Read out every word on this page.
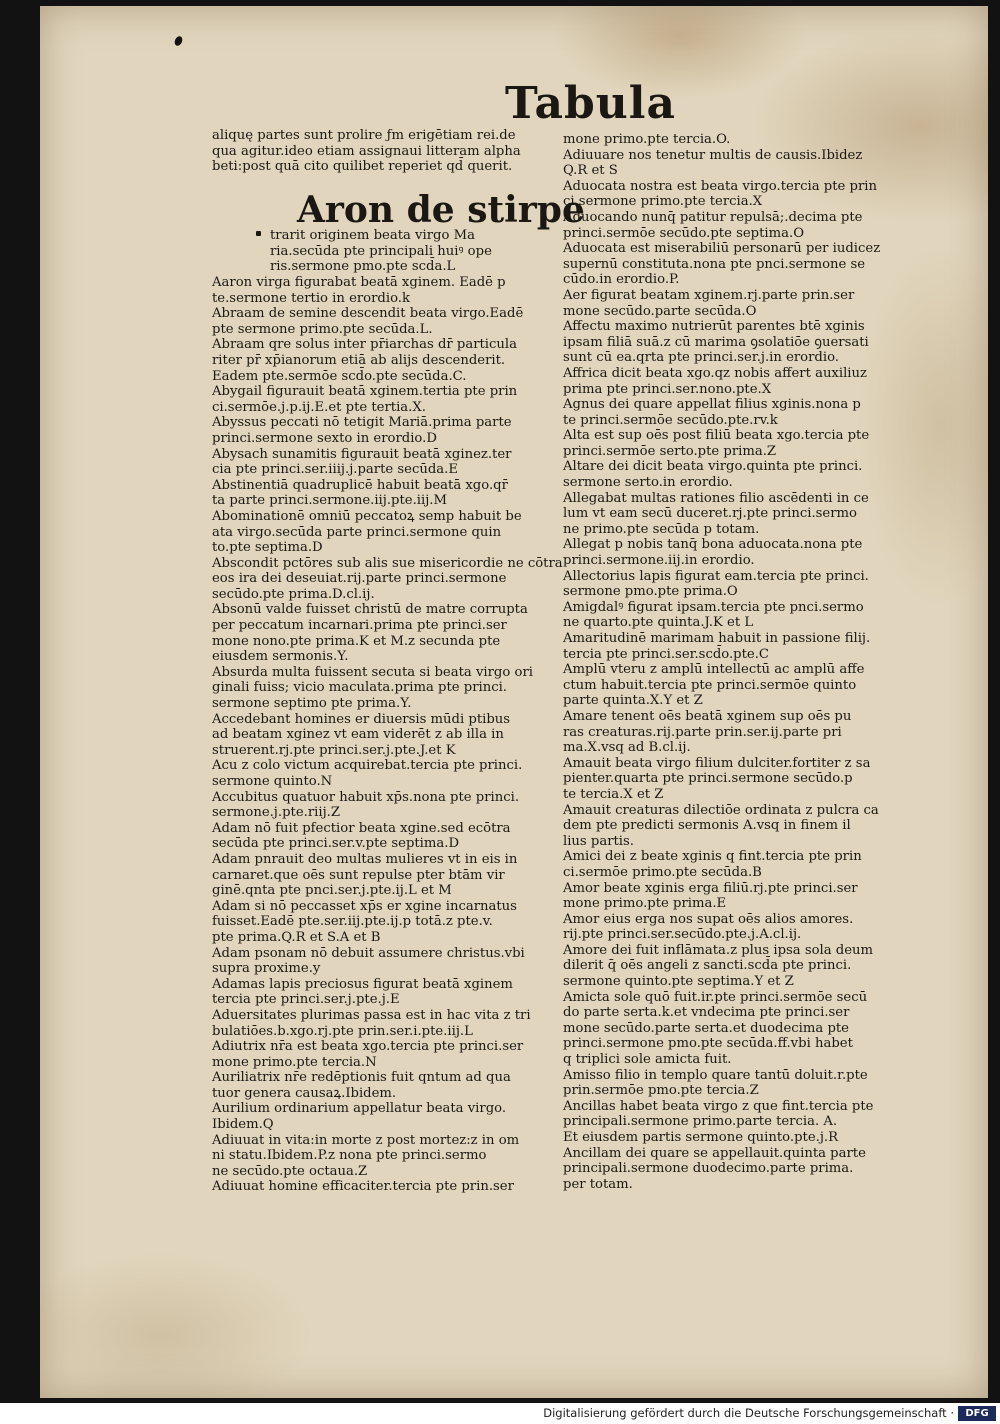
Tabula

aliquę partes sunt prolire ƒm erigētiam rei.de

qua agitur.ideo etiam assignaui litteram alpha

beti:post quā cito quilibet reperiet qd̄ querit.

Aron de stirpe

trarit originem beata virgo Ma

ria.secūda pte principali huiꝰ ope

ris.sermone pmo.pte scd̄a.L

Aaron virga figurabat beatā xginem. Eadē p

te.sermone tertio in erordio.k

Abraam de semine descendit beata virgo.Eadē

pte sermone primo.pte secūda.L.

Abraam qre solus inter pr̄iarchas dr̄ particula

riter pr̄ xp̄ianorum etiā ab alijs descenderit.

Eadem pte.sermōe scd̄o.pte secūda.C.

Abygail figurauit beatā xginem.tertia pte prin

ci.sermōe.j.p.ij.E.et pte tertia.X.

Abyssus peccati nō tetigit Mariā.prima parte

princi.sermone sexto in erordio.D

Abysach sunamitis figurauit beatā xginez.ter

cia pte princi.ser.iiij.j.parte secūda.E

Abstinentiā quadruplicē habuit beatā xgo.qr̄

ta parte princi.sermone.iij.pte.iij.M

Abominationē omniū peccatoꝝ semp habuit be

ata virgo.secūda parte princi.sermone quin

to.pte septima.D

Abscondit pctōres sub alis sue misericordie ne cōtra

eos ira dei deseuiat.rij.parte princi.sermone

secūdo.pte prima.D.cl.ij.

Absonū valde fuisset christū de matre corrupta

per peccatum incarnari.prima pte princi.ser

mone nono.pte prima.K et M.z secunda pte

eiusdem sermonis.Y.

Absurda multa fuissent secuta si beata virgo ori

ginali fuiss; vicio maculata.prima pte princi.

sermone septimo pte prima.Y.

Accedebant homines er diuersis mūdi ptibus

ad beatam xginez vt eam viderēt z ab illa in

struerent.rj.pte princi.ser.j.pte.J.et K

Acu z colo victum acquirebat.tercia pte princi.

sermone quinto.N

Accubitus quatuor habuit xp̄s.nona pte princi.

sermone.j.pte.riij.Z

Adam nō fuit pfectior beata xgine.sed ecōtra

secūda pte princi.ser.v.pte septima.D

Adam pnrauit deo multas mulieres vt in eis in

carnaret.que oēs sunt repulse pter btām vir

ginē.qnta pte pnci.ser.j.pte.ij.L et M

Adam si nō peccasset xp̄s er xgine incarnatus

fuisset.Eadē pte.ser.iij.pte.ij.p totā.z pte.v.

pte prima.Q.R et S.A et B

Adam psonam nō debuit assumere christus.vbi

supra proxime.y

Adamas lapis preciosus figurat beatā xginem

tercia pte princi.ser.j.pte.j.E

Aduersitates plurimas passa est in hac vita z tri

bulatiōes.b.xgo.rj.pte prin.ser.i.pte.iij.L

Adiutrix nr̄a est beata xgo.tercia pte princi.ser

mone primo.pte tercia.N

Auriliatrix nr̄e redēptionis fuit qntum ad qua

tuor genera causaꝝ.Ibidem.

Aurilium ordinarium appellatur beata virgo.

Ibidem.Q

Adiuuat in vita:in morte z post mortez:z in om

ni statu.Ibidem.P.z nona pte princi.sermo

ne secūdo.pte octaua.Z

Adiuuat homine efficaciter.tercia pte prin.ser

mone primo.pte tercia.O.

Adiuuare nos tenetur multis de causis.Ibidez

Q.R et S

Aduocata nostra est beata virgo.tercia pte prin

ci.sermone primo.pte tercia.X

Aduocando nunq̄ patitur repulsā;.decima pte

princi.sermōe secūdo.pte septima.O

Aduocata est miserabiliū personarū per iudicez

supernū constituta.nona pte pnci.sermone se

cūdo.in erordio.P.

Aer figurat beatam xginem.rj.parte prin.ser

mone secūdo.parte secūda.O

Affectu maximo nutrierūt parentes btē xginis

ipsam filiā suā.z cū marima ꝯsolatiōe ꝯuersati

sunt cū ea.qrta pte princi.ser.j.in erordio.

Affrica dicit beata xgo.qz nobis affert auxiliuz

prima pte princi.ser.nono.pte.X

Agnus dei quare appellat filius xginis.nona p

te princi.sermōe secūdo.pte.rv.k

Alta est sup oēs post filiū beata xgo.tercia pte

princi.sermōe serto.pte prima.Z

Altare dei dicit beata virgo.quinta pte princi.

sermone serto.in erordio.

Allegabat multas rationes filio ascēdenti in ce

lum vt eam secū duceret.rj.pte princi.sermo

ne primo.pte secūda p totam.

Allegat p nobis tanq̄ bona aduocata.nona pte

princi.sermone.iij.in erordio.

Allectorius lapis figurat eam.tercia pte princi.

sermone pmo.pte prima.O

Amigdalꝰ figurat ipsam.tercia pte pnci.sermo

ne quarto.pte quinta.J.K et L

Amaritudinē marimam habuit in passione filij.

tercia pte princi.ser.scd̄o.pte.C

Amplū vteru z amplū intellectū ac amplū affe

ctum habuit.tercia pte princi.sermōe quinto

parte quinta.X.Y et Z

Amare tenent oēs beatā xginem sup oēs pu

ras creaturas.rij.parte prin.ser.ij.parte pri

ma.X.vsq ad B.cl.ij.

Amauit beata virgo filium dulciter.fortiter z sa

pienter.quarta pte princi.sermone secūdo.p

te tercia.X et Z

Amauit creaturas dilectiōe ordinata z pulcra ca

dem pte predicti sermonis A.vsq in finem il

lius partis.

Amici dei z beate xginis q fint.tercia pte prin

ci.sermōe primo.pte secūda.B

Amor beate xginis erga filiū.rj.pte princi.ser

mone primo.pte prima.E

Amor eius erga nos supat oēs alios amores.

rij.pte princi.ser.secūdo.pte.j.A.cl.ij.

Amore dei fuit inflāmata.z plus ipsa sola deum

dilerit q̄ oēs angeli z sancti.scd̄a pte princi.

sermone quinto.pte septima.Y et Z

Amicta sole quō fuit.ir.pte princi.sermōe secū

do parte serta.k.et vndecima pte princi.ser

mone secūdo.parte serta.et duodecima pte

princi.sermone pmo.pte secūda.ff.vbi habet

q triplici sole amicta fuit.

Amisso filio in templo quare tantū doluit.r.pte

prin.sermōe pmo.pte tercia.Z

Ancillas habet beata virgo z que fint.tercia pte

principali.sermone primo.parte tercia. A.

Et eiusdem partis sermone quinto.pte.j.R

Ancillam dei quare se appellauit.quinta parte

principali.sermone duodecimo.parte prima.

per totam.

Digitalisierung gefördert durch die Deutsche Forschungsgemeinschaft ·	DFG
